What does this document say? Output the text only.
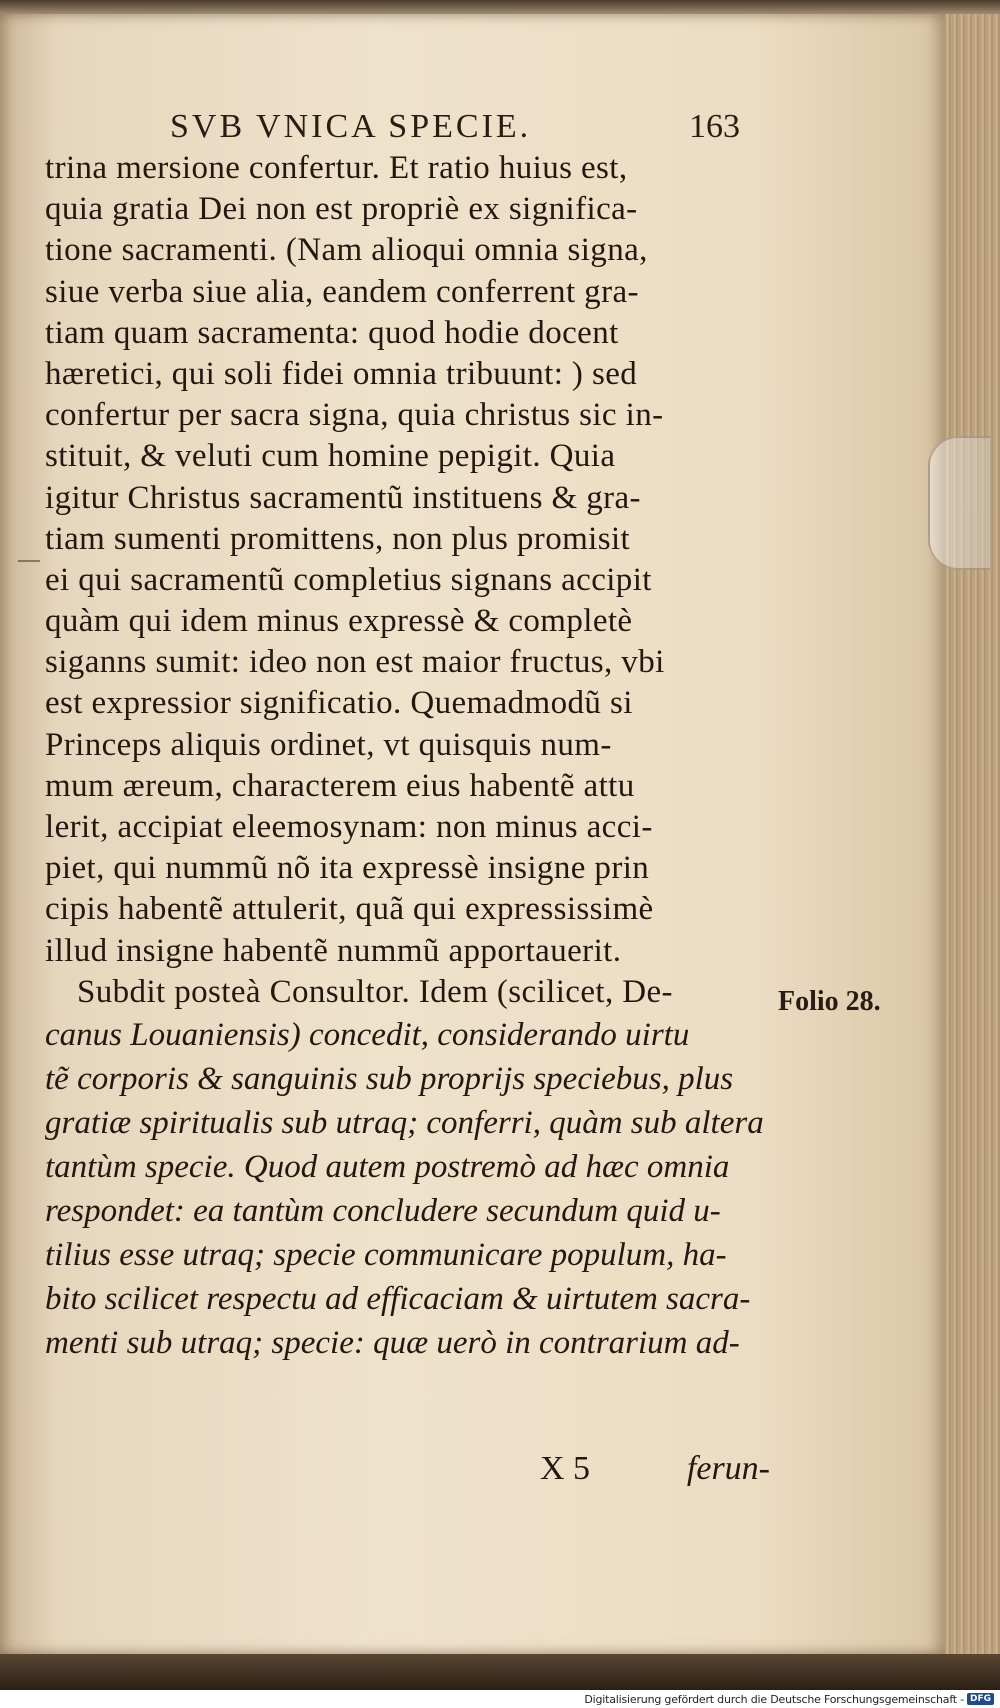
SVB VNICA SPECIE.	163
trina mersione confertur. Et ratio huius est,
quia gratia Dei non est propriè ex significa-
tione sacramenti. (Nam alioqui omnia signa,
siue verba siue alia, eandem conferrent gra-
tiam quam sacramenta: quod hodie docent
hæretici, qui soli fidei omnia tribuunt: ) sed
confertur per sacra signa, quia christus sic in-
stituit, & veluti cum homine pepigit. Quia
igitur Christus sacramentũ instituens & gra-
tiam sumenti promittens, non plus promisit
ei qui sacramentũ completius signans accipit
quàm qui idem minus expressè & completè
siganns sumit: ideo non est maior fructus, vbi
est expressior significatio. Quemadmodũ si
Princeps aliquis ordinet, vt quisquis num-
mum æreum, characterem eius habentẽ attu
lerit, accipiat eleemosynam: non minus acci-
piet, qui nummũ nõ ita expressè insigne prin
cipis habentẽ attulerit, quã qui expressissimè
illud insigne habentẽ nummũ apportauerit.
Subdit posteà Consultor. Idem (scilicet, De-
canus Louaniensis) concedit, considerando uirtu
tẽ corporis & sanguinis sub proprijs speciebus, plus
gratiæ spiritualis sub utraq; conferri, quàm sub altera
tantùm specie. Quod autem postremò ad hæc omnia
respondet: ea tantùm concludere secundum quid u-
tilius esse utraq; specie communicare populum, ha-
bito scilicet respectu ad efficaciam & uirtutem sacra-
menti sub utraq; specie: quæ uerò in contrarium ad-
Folio 28.
X 5	ferun-
Digitalisierung gefördert durch die Deutsche Forschungsgemeinschaft - DFG
